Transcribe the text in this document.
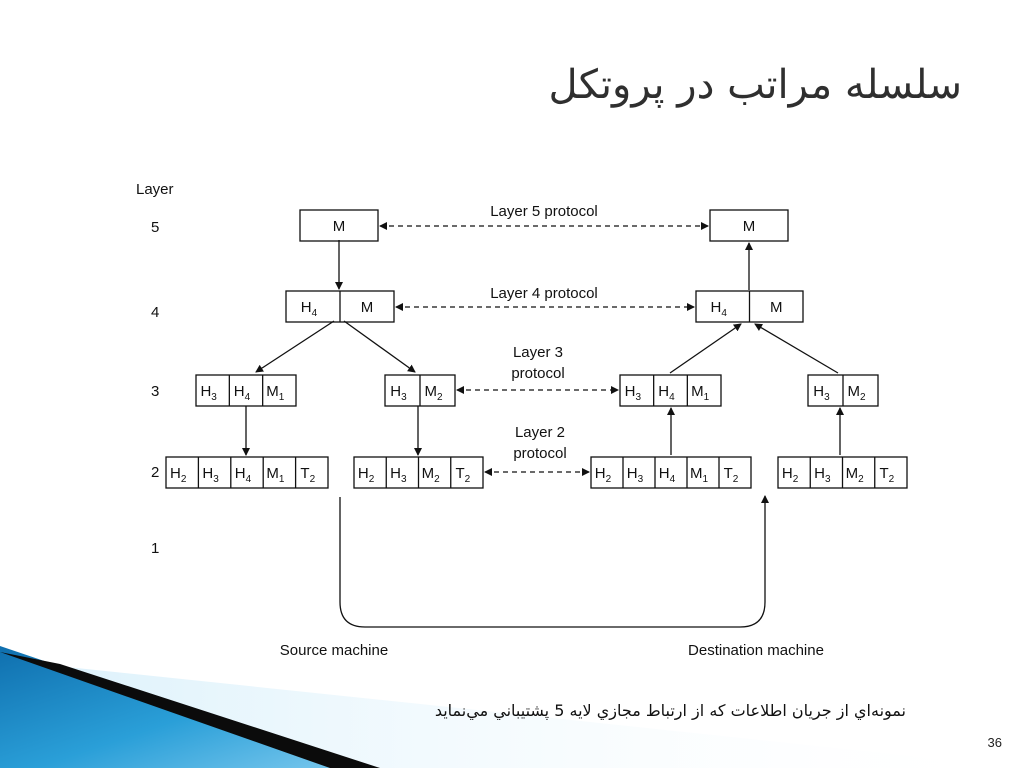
سلسله مراتب در پروتکل
Layer
5
4
3
2
1
M
$H_4$	M
$H_3$ $H_4$ $M_1$	$H_3$ $M_2$
$H_2$ $H_3$ $H_4$ $M_1$ $T_2$	$H_2$ $H_3$ $M_2$ $T_2$
M
$H_4$	M
$H_3$ $H_4$ $M_1$	$H_3$ $M_2$
$H_2$ $H_3$ $H_4$ $M_1$ $T_2$	$H_2$ $H_3$ $M_2$ $T_2$
Layer 5 protocol
Layer 4 protocol
Layer 3
protocol
Layer 2
protocol
Source machine	Destination machine
نمونه‌اي از جريان اطلاعات که از ارتباط مجازي لايه 5 پشتيباني مي‌نمايد
36
